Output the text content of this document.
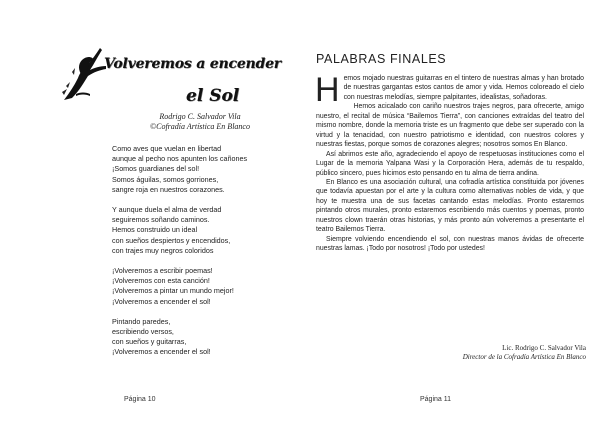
Volveremos a encender
el Sol
Rodrigo C. Salvador Vila
©Cofradía Artística En Blanco
Como aves que vuelan en libertad
aunque al pecho nos apunten los cañones
¡Somos guardianes del sol!
Somos águilas, somos gorriones,
sangre roja en nuestros corazones.
Y aunque duela el alma de verdad
seguiremos soñando caminos.
Hemos construido un ideal
con sueños despiertos y encendidos,
con trajes muy negros coloridos
¡Volveremos a escribir poemas!
¡Volveremos con esta canción!
¡Volveremos a pintar un mundo mejor!
¡Volveremos a encender el sol!
Pintando paredes,
escribiendo versos,
con sueños y guitarras,
¡Volveremos a encender el sol!
Página 10
PALABRAS FINALES

Hemos mojado nuestras guitarras en el tintero de nuestras almas y han brotado de nuestras gargantas estos cantos de amor y vida. Hemos coloreado el cielo con nuestras melodías, siempre palpitantes, idealistas, soñadoras.

Hemos acicalado con cariño nuestros trajes negros, para ofrecerte, amigo nuestro, el recital de música “Bailemos Tierra”, con canciones extraídas del teatro del mismo nombre, donde la memoria triste es un fragmento que debe ser superado con la virtud y la tenacidad, con nuestro patriotismo e identidad, con nuestros colores y nuestras fiestas, porque somos de corazones alegres; nosotros somos En Blanco.

Así abrimos este año, agradeciendo el apoyo de respetuosas instituciones como el Lugar de la memoria Yalpana Wasi y la Corporación Hera, además de tu respaldo, público sincero, pues hicimos esto pensando en tu alma de tierra andina.

En Blanco es una asociación cultural, una cofradía artística constituida por jóvenes que todavía apuestan por el arte y la cultura como alternativas nobles de vida, y que hoy te muestra una de sus facetas cantando estas melodías. Pronto estaremos pintando otros murales, pronto estaremos escribiendo más cuentos y poemas, pronto nuestros clown traerán otras historias, y más pronto aún volveremos a presentarte el teatro Bailemos Tierra.

Siempre volviendo encendiendo el sol, con nuestras manos ávidas de ofrecerte nuestras lamas. ¡Todo por nosotros! ¡Todo por ustedes!

Lic. Rodrigo C. Salvador Vila
Director de la Cofradía Artística En Blanco
Página 11
